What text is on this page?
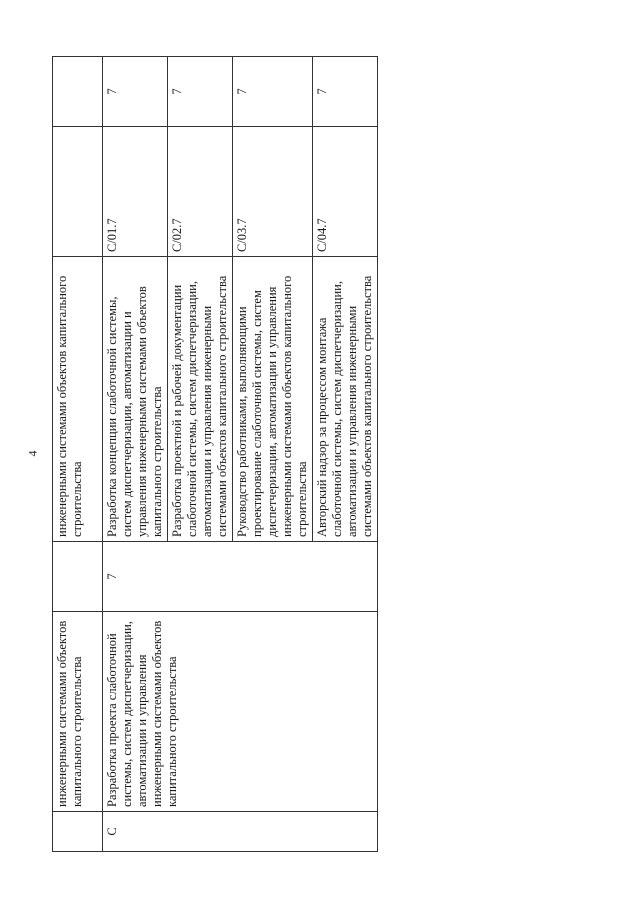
4
	инженерными системами объектов капитального строительства		инженерными системами объектов капитального строительства		
С	Разработка проекта слаботочной системы, систем диспетчеризации, автоматизации и управления инженерными системами объектов капитального строительства	7	Разработка концепции слаботочной системы, систем диспетчеризации, автоматизации и управления инженерными системами объектов капитального строительства	С/01.7	7
			Разработка проектной и рабочей документации слаботочной системы, систем диспетчеризации, автоматизации и управления инженерными системами объектов капитального строительства	С/02.7	7
			Руководство работниками, выполняющими проектирование слаботочной системы, систем диспетчеризации, автоматизации и управления инженерными системами объектов капитального строительства	С/03.7	7
			Авторский надзор за процессом монтажа слаботочной системы, систем диспетчеризации, автоматизации и управления инженерными системами объектов капитального строительства	С/04.7	7
